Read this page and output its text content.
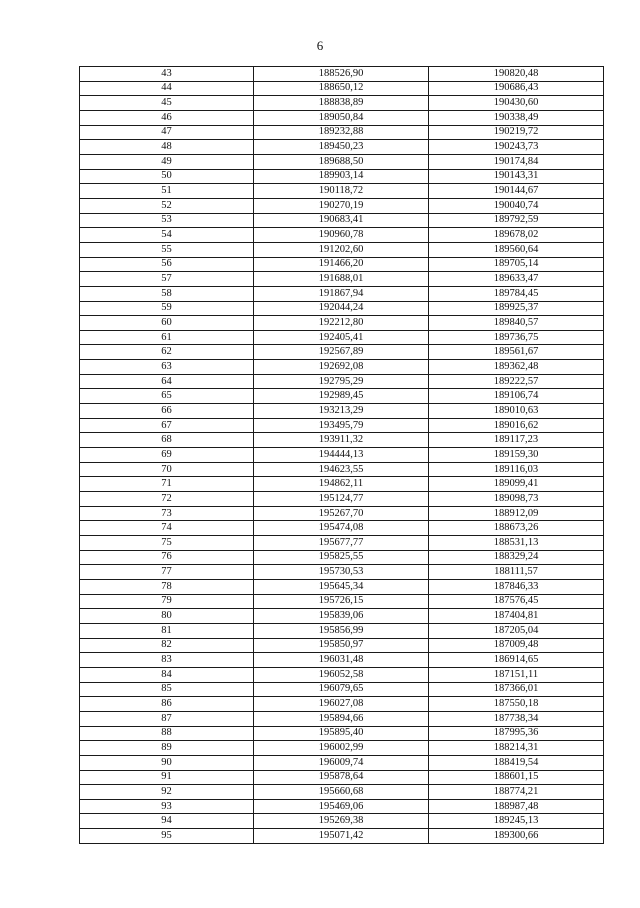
6
43	188526,90	190820,48
44	188650,12	190686,43
45	188838,89	190430,60
46	189050,84	190338,49
47	189232,88	190219,72
48	189450,23	190243,73
49	189688,50	190174,84
50	189903,14	190143,31
51	190118,72	190144,67
52	190270,19	190040,74
53	190683,41	189792,59
54	190960,78	189678,02
55	191202,60	189560,64
56	191466,20	189705,14
57	191688,01	189633,47
58	191867,94	189784,45
59	192044,24	189925,37
60	192212,80	189840,57
61	192405,41	189736,75
62	192567,89	189561,67
63	192692,08	189362,48
64	192795,29	189222,57
65	192989,45	189106,74
66	193213,29	189010,63
67	193495,79	189016,62
68	193911,32	189117,23
69	194444,13	189159,30
70	194623,55	189116,03
71	194862,11	189099,41
72	195124,77	189098,73
73	195267,70	188912,09
74	195474,08	188673,26
75	195677,77	188531,13
76	195825,55	188329,24
77	195730,53	188111,57
78	195645,34	187846,33
79	195726,15	187576,45
80	195839,06	187404,81
81	195856,99	187205,04
82	195850,97	187009,48
83	196031,48	186914,65
84	196052,58	187151,11
85	196079,65	187366,01
86	196027,08	187550,18
87	195894,66	187738,34
88	195895,40	187995,36
89	196002,99	188214,31
90	196009,74	188419,54
91	195878,64	188601,15
92	195660,68	188774,21
93	195469,06	188987,48
94	195269,38	189245,13
95	195071,42	189300,66
